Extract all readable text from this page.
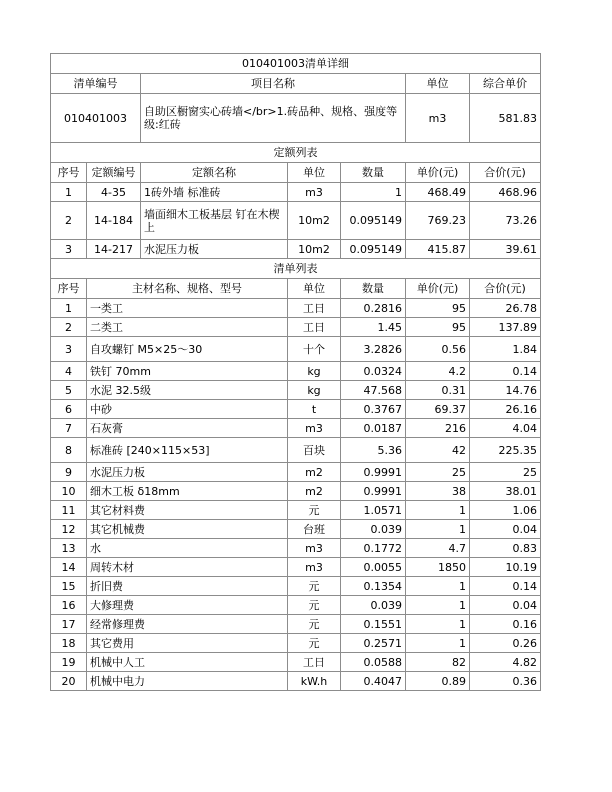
010401003清单详细						
清单编号		项目名称			单位	综合单价
010401003		自助区橱窗实心砖墙</br>1.砖品种、规格、强度等级:红砖			m3	581.83
定额列表						
序号	定额编号	定额名称	单位	数量	单价(元)	合价(元)
1	4-35	1砖外墙 标准砖	m3	1	468.49	468.96
2	14-184	墙面细木工板基层 钉在木楔上	10m2	0.095149	769.23	73.26
3	14-217	水泥压力板	10m2	0.095149	415.87	39.61
清单列表						
序号	主材名称、规格、型号		单位	数量	单价(元)	合价(元)
1	一类工		工日	0.2816	95	26.78
2	二类工		工日	1.45	95	137.89
3	自攻螺钉 M5×25～30		十个	3.2826	0.56	1.84
4	铁钉 70mm		kg	0.0324	4.2	0.14
5	水泥 32.5级		kg	47.568	0.31	14.76
6	中砂		t	0.3767	69.37	26.16
7	石灰膏		m3	0.0187	216	4.04
8	标准砖 [240×115×53]		百块	5.36	42	225.35
9	水泥压力板		m2	0.9991	25	25
10	细木工板 δ18mm		m2	0.9991	38	38.01
11	其它材料费		元	1.0571	1	1.06
12	其它机械费		台班	0.039	1	0.04
13	水		m3	0.1772	4.7	0.83
14	周转木材		m3	0.0055	1850	10.19
15	折旧费		元	0.1354	1	0.14
16	大修理费		元	0.039	1	0.04
17	经常修理费		元	0.1551	1	0.16
18	其它费用		元	0.2571	1	0.26
19	机械中人工		工日	0.0588	82	4.82
20	机械中电力		kW.h	0.4047	0.89	0.36
